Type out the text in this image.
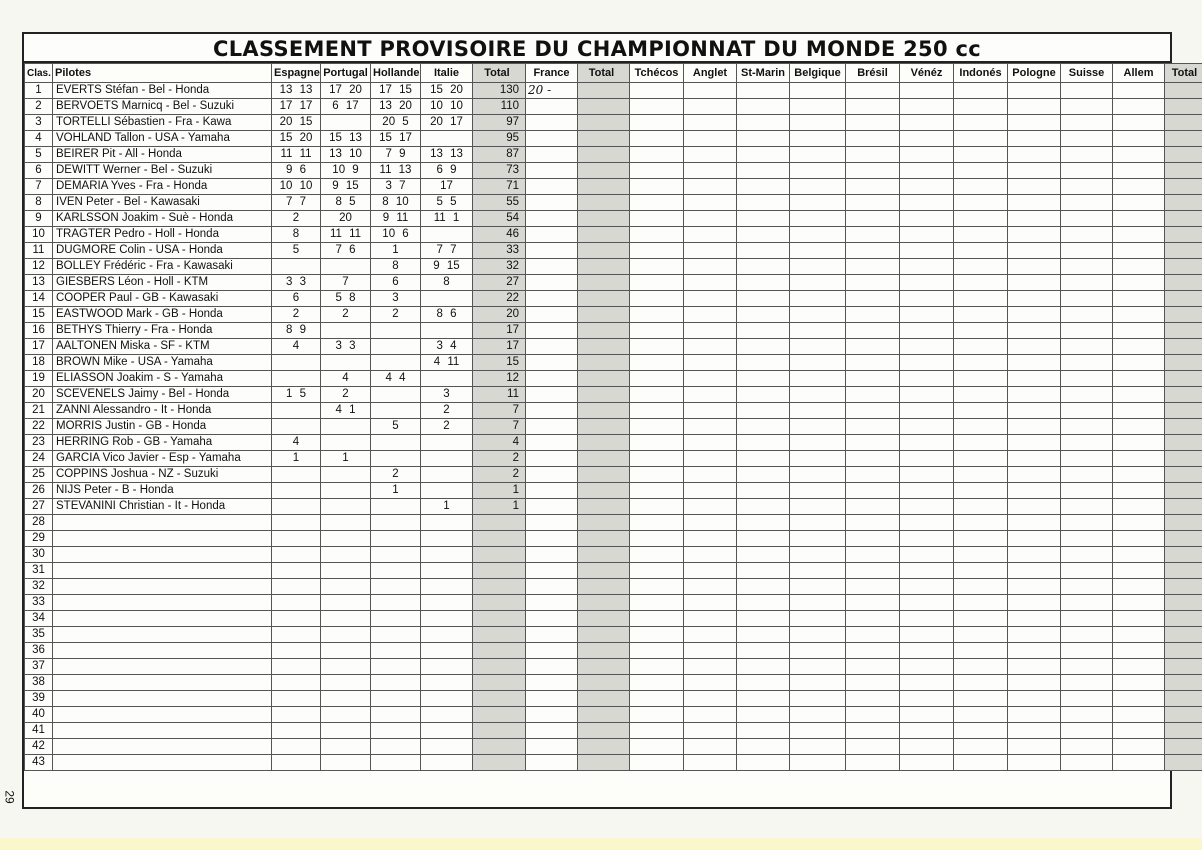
CLASSEMENT PROVISOIRE DU CHAMPIONNAT DU MONDE 250 cc
Clas.	Pilotes	Espagne	Portugal	Hollande	Italie	Total	France	Total	Tchécos	Anglet	St-Marin	Belgique	Brésil	Vénéz	Indonés	Pologne	Suisse	Allem	Total
1	EVERTS Stéfan - Bel - Honda	13 13	17 20	17 15	15 20	130	20 -												
2	BERVOETS Marnicq - Bel - Suzuki	17 17	6 17	13 20	10 10	110													
3	TORTELLI Sébastien - Fra - Kawa	20 15		20 5	20 17	97													
4	VOHLAND Tallon - USA - Yamaha	15 20	15 13	15 17		95													
5	BEIRER Pit - All - Honda	11 11	13 10	7 9	13 13	87													
6	DEWITT Werner - Bel - Suzuki	9 6	10 9	11 13	6 9	73													
7	DEMARIA Yves - Fra - Honda	10 10	9 15	3 7	17	71													
8	IVEN Peter - Bel - Kawasaki	7 7	8 5	8 10	5 5	55													
9	KARLSSON Joakim - Suè - Honda	2	20	9 11	11 1	54													
10	TRAGTER Pedro - Holl - Honda	8	11 11	10 6		46													
11	DUGMORE Colin - USA - Honda	5	7 6	1	7 7	33													
12	BOLLEY Frédéric - Fra - Kawasaki			8	9 15	32													
13	GIESBERS Léon - Holl - KTM	3 3	7	6	8	27													
14	COOPER Paul - GB - Kawasaki	6	5 8	3		22													
15	EASTWOOD Mark - GB - Honda	2	2	2	8 6	20													
16	BETHYS Thierry - Fra - Honda	8 9				17													
17	AALTONEN Miska - SF - KTM	4	3 3		3 4	17													
18	BROWN Mike - USA - Yamaha				4 11	15													
19	ELIASSON Joakim - S - Yamaha		4	4 4		12													
20	SCEVENELS Jaimy - Bel - Honda	1 5	2		3	11													
21	ZANNI Alessandro - It - Honda		4 1		2	7													
22	MORRIS Justin - GB - Honda			5	2	7													
23	HERRING Rob - GB - Yamaha	4				4													
24	GARCIA Vico Javier - Esp - Yamaha	1	1			2													
25	COPPINS Joshua - NZ - Suzuki			2		2													
26	NIJS Peter - B - Honda			1		1													
27	STEVANINI Christian - It - Honda				1	1													
28																			
29																			
30																			
31																			
32																			
33																			
34																			
35																			
36																			
37																			
38																			
39																			
40																			
41																			
42																			
43																			
29
